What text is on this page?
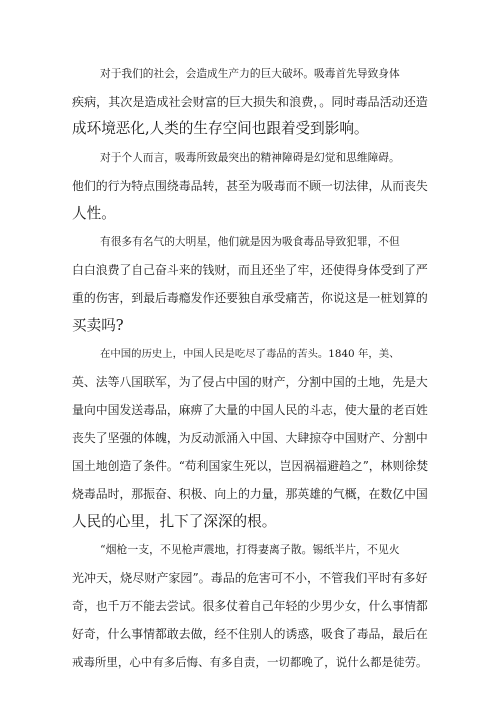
对于我们的社会，会造成生产力的巨大破坏。吸毒首先导致身体
疾病，其次是造成社会财富的巨大损失和浪费，。同时毒品活动还造
成环境恶化,人类的生存空间也跟着受到影响。
对于个人而言，吸毒所致最突出的精神障碍是幻觉和思维障碍。
他们的行为特点围绕毒品转，甚至为吸毒而不顾一切法律，从而丧失
人性。
有很多有名气的大明星，他们就是因为吸食毒品导致犯罪，不但
白白浪费了自己奋斗来的钱财，而且还坐了牢，还使得身体受到了严
重的伤害，到最后毒瘾发作还要独自承受痛苦，你说这是一桩划算的
买卖吗?
在中国的历史上，中国人民是吃尽了毒品的苦头。1840 年，美、
英、法等八国联军，为了侵占中国的财产，分割中国的土地，先是大
量向中国发送毒品，麻痹了大量的中国人民的斗志，使大量的老百姓
丧失了坚强的体魄，为反动派涌入中国、大肆掠夺中国财产、分割中
国土地创造了条件。“苟利国家生死以，岂因祸福避趋之”，林则徐焚
烧毒品时，那振奋、积极、向上的力量，那英雄的气概，在数亿中国
人民的心里，扎下了深深的根。
“烟枪一支，不见枪声震地，打得妻离子散。锡纸半片，不见火
光冲天，烧尽财产家园”。毒品的危害可不小，不管我们平时有多好
奇，也千万不能去尝试。很多仗着自己年轻的少男少女，什么事情都
好奇，什么事情都敢去做，经不住别人的诱惑，吸食了毒品，最后在
戒毒所里，心中有多后悔、有多自责，一切都晚了，说什么都是徒劳。
